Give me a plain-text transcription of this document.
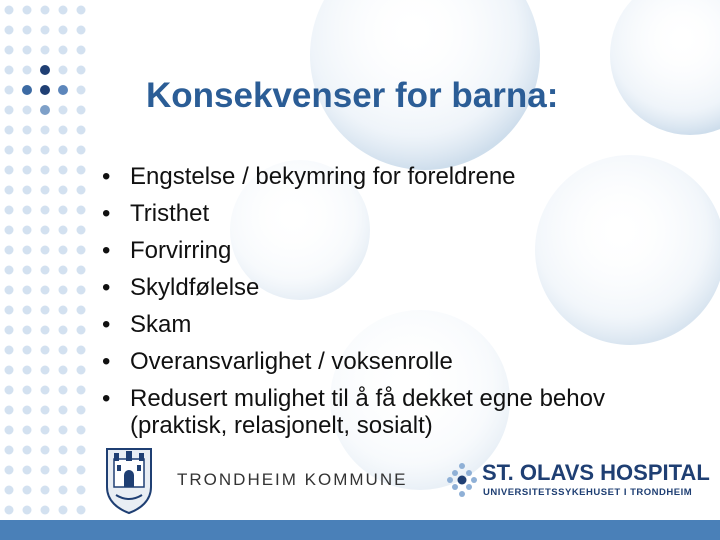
Konsekvenser for barna:
• Engstelse / bekymring for foreldrene
• Tristhet
• Forvirring
• Skyldfølelse
• Skam
• Overansvarlighet / voksenrolle
• Redusert mulighet til å få dekket egne behov (praktisk, relasjonelt, sosialt)
TRONDHEIM KOMMUNE	ST. OLAVS HOSPITAL
UNIVERSITETSSYKEHUSET I TRONDHEIM
